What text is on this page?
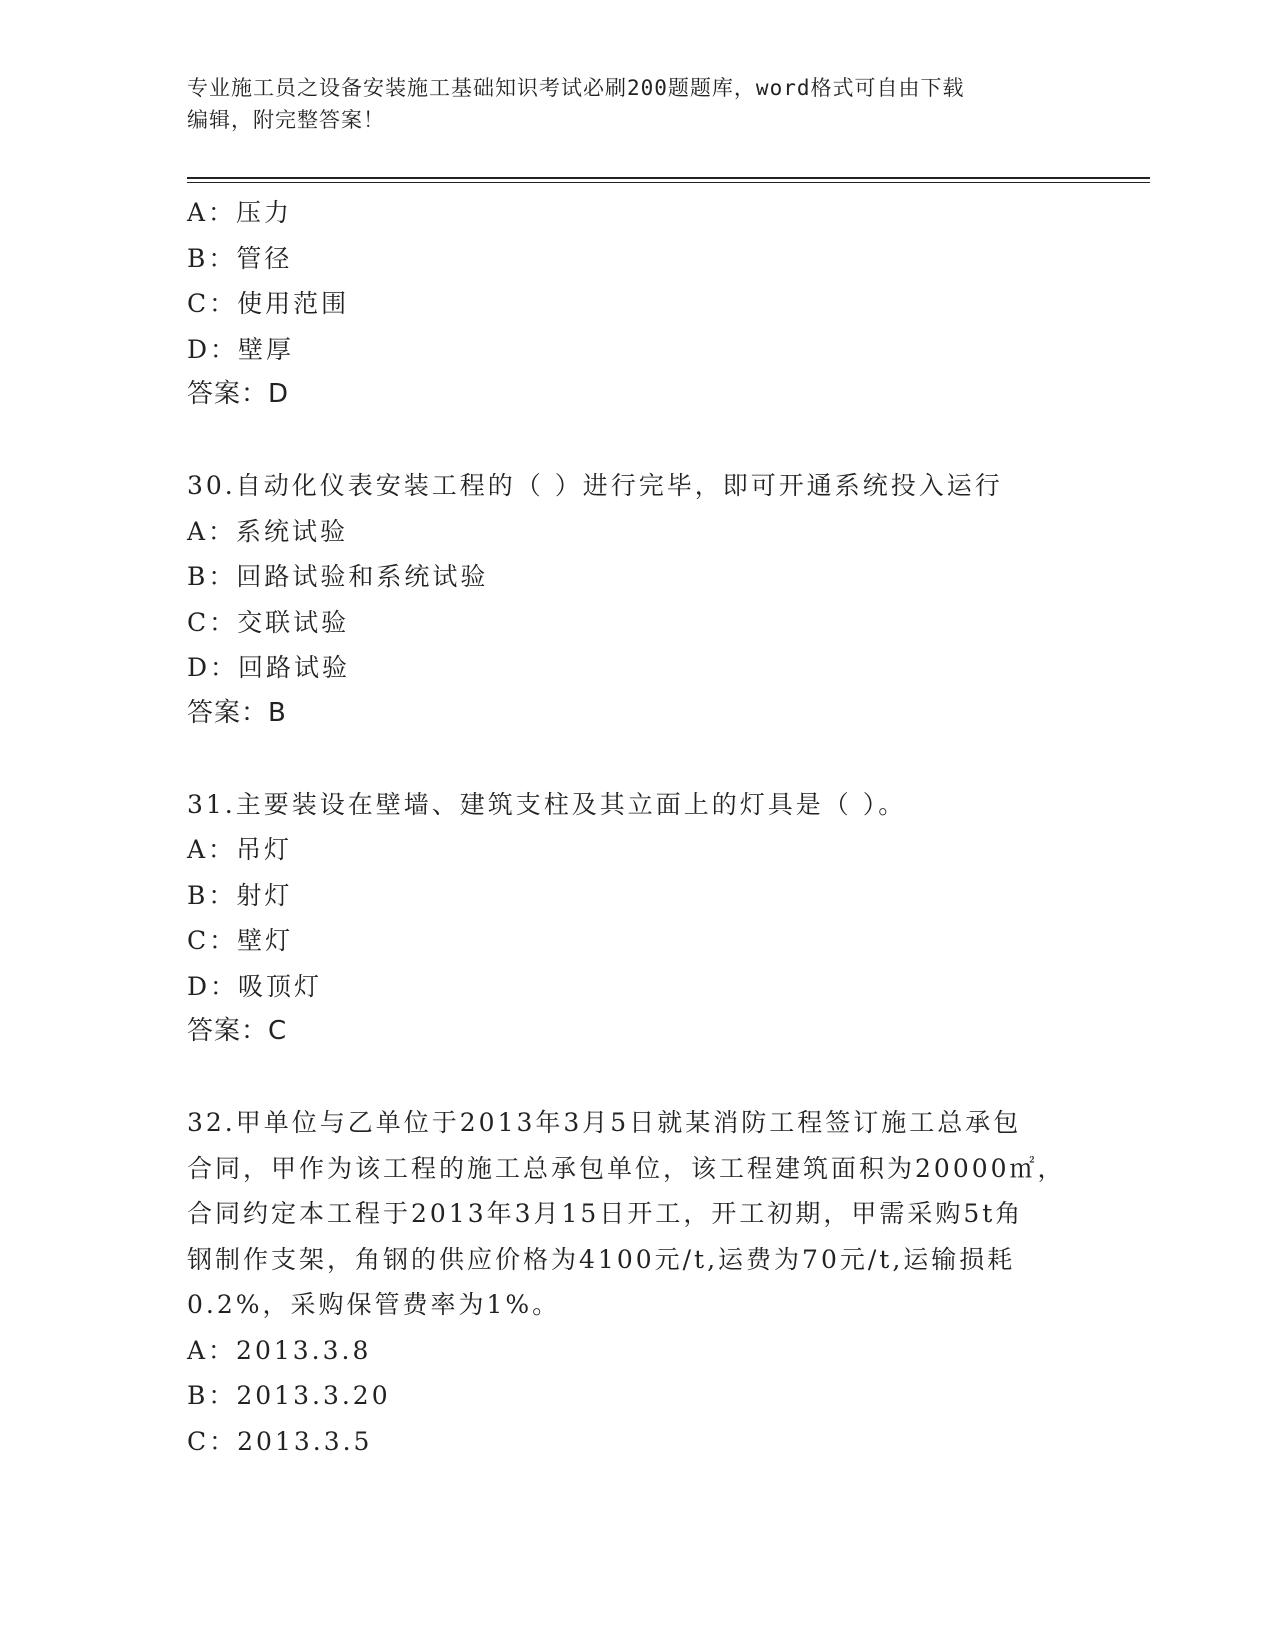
专业施工员之设备安装施工基础知识考试必刷200题题库，word格式可自由下载
编辑，附完整答案！
A：压力
B：管径
C：使用范围
D：壁厚
答案：D
30.自动化仪表安装工程的（ ）进行完毕，即可开通系统投入运行
A：系统试验
B：回路试验和系统试验
C：交联试验
D：回路试验
答案：B
31.主要装设在壁墙、建筑支柱及其立面上的灯具是（ ）。
A：吊灯
B：射灯
C：壁灯
D：吸顶灯
答案：C
32.甲单位与乙单位于2013年3月5日就某消防工程签订施工总承包
合同，甲作为该工程的施工总承包单位，该工程建筑面积为20000㎡，
合同约定本工程于2013年3月15日开工，开工初期，甲需采购5t角
钢制作支架，角钢的供应价格为4100元/t,运费为70元/t,运输损耗
0.2%，采购保管费率为1%。
A：2013.3.8
B：2013.3.20
C：2013.3.5
